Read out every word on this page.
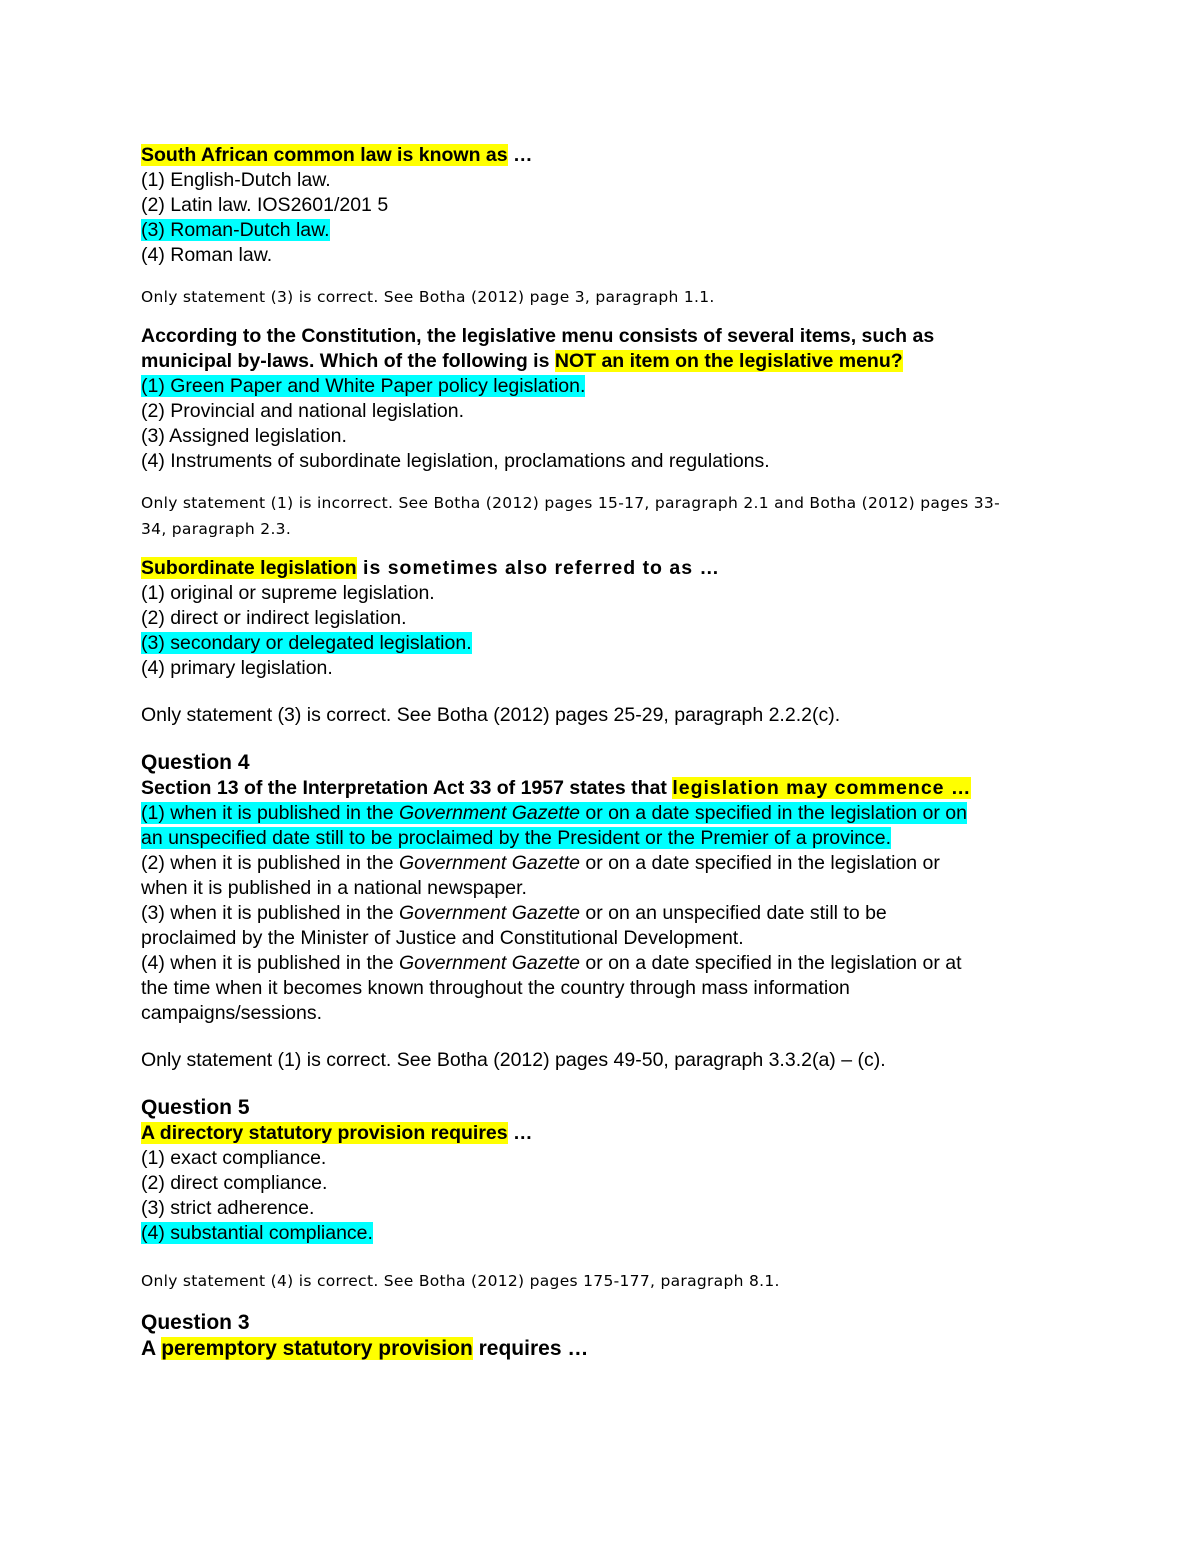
South African common law is known as …
(1) English-Dutch law.
(2) Latin law. IOS2601/201 5
(3) Roman-Dutch law.
(4) Roman law.
Only statement (3) is correct. See Botha (2012) page 3, paragraph 1.1.
According to the Constitution, the legislative menu consists of several items, such as
municipal by-laws. Which of the following is NOT an item on the legislative menu?
(1) Green Paper and White Paper policy legislation.
(2) Provincial and national legislation.
(3) Assigned legislation.
(4) Instruments of subordinate legislation, proclamations and regulations.
Only statement (1) is incorrect. See Botha (2012) pages 15-17, paragraph 2.1 and Botha (2012) pages 33-
34, paragraph 2.3.
Subordinate legislation is sometimes also referred to as …
(1) original or supreme legislation.
(2) direct or indirect legislation.
(3) secondary or delegated legislation.
(4) primary legislation.
Only statement (3) is correct. See Botha (2012) pages 25-29, paragraph 2.2.2(c).
Question 4
Section 13 of the Interpretation Act 33 of 1957 states that legislation may commence …
(1) when it is published in the Government Gazette or on a date specified in the legislation or on
an unspecified date still to be proclaimed by the President or the Premier of a province.
(2) when it is published in the Government Gazette or on a date specified in the legislation or
when it is published in a national newspaper.
(3) when it is published in the Government Gazette or on an unspecified date still to be
proclaimed by the Minister of Justice and Constitutional Development.
(4) when it is published in the Government Gazette or on a date specified in the legislation or at
the time when it becomes known throughout the country through mass information
campaigns/sessions.
Only statement (1) is correct. See Botha (2012) pages 49-50, paragraph 3.3.2(a) – (c).
Question 5
A directory statutory provision requires …
(1) exact compliance.
(2) direct compliance.
(3) strict adherence.
(4) substantial compliance.
Only statement (4) is correct. See Botha (2012) pages 175-177, paragraph 8.1.
Question 3
A peremptory statutory provision requires …
